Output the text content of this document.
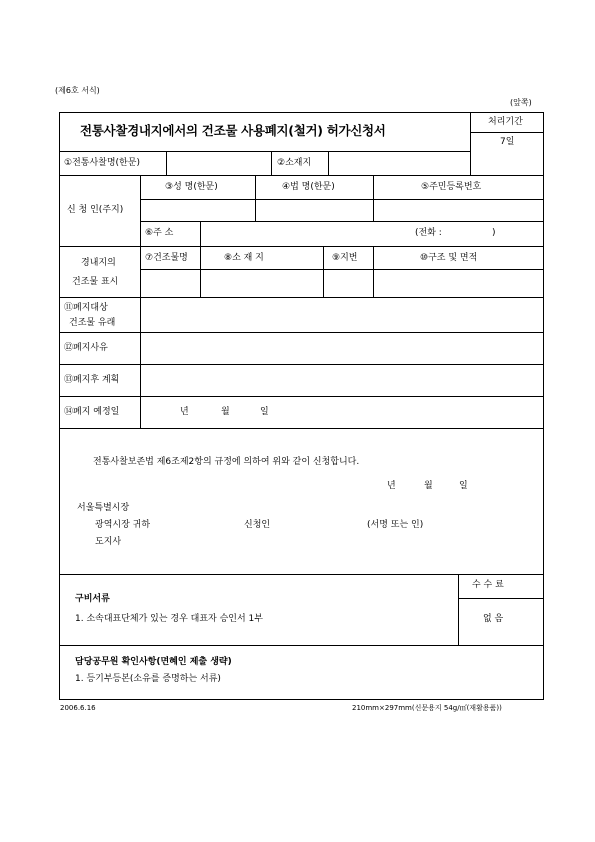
(제6호 서식)
(앞쪽)
전통사찰경내지에서의 건조물 사용폐지(철거) 허가신청서
처리기간
7일
①전통사찰명(한문)	②소재지
신 청 인(주지)
③성 명(한문)	④법 명(한문)	⑤주민등록번호
⑥주 소	(전화 :	)
경내지의
건조물 표시
⑦건조물명	⑧소 재 지	⑨지번	⑩구조 및 면적
⑪폐지대상
건조물 유래
⑫폐지사유
⑬폐지후 계획
⑭폐지 예정일	년	월	일
전통사찰보존법 제6조제2항의 규정에 의하여 위와 같이 신청합니다.
년	월	일
서울특별시장
광역시장 귀하
도지사
신청인	(서명 또는 인)
구비서류
1. 소속대표단체가 있는 경우 대표자 승인서 1부
수 수 료
없 음
담당공무원 확인사항(면혜인 제출 생략)
1. 등기부등본(소유를 증명하는 서류)
2006.6.16	210mm×297mm(신문용지 54g/㎡(재활용품))
